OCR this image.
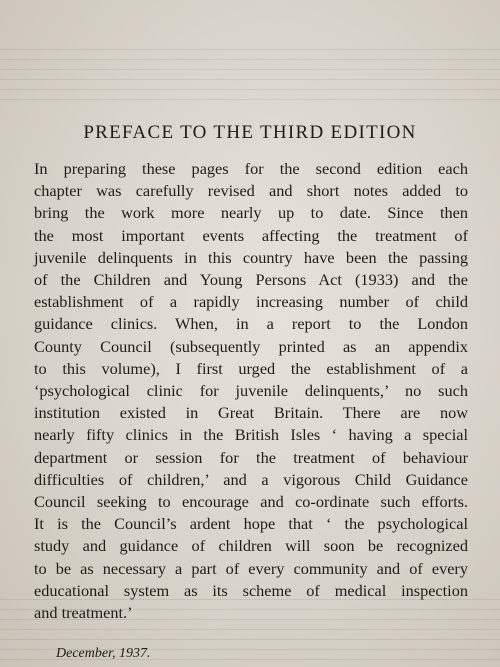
PREFACE TO THE THIRD EDITION
In preparing these pages for the second edition each
chapter was carefully revised and short notes added to
bring the work more nearly up to date. Since then
the most important events affecting the treatment of
juvenile delinquents in this country have been the passing
of the Children and Young Persons Act (1933) and the
establishment of a rapidly increasing number of child
guidance clinics. When, in a report to the London
County Council (subsequently printed as an appendix
to this volume), I first urged the establishment of a
‘psychological clinic for juvenile delinquents,’ no such
institution existed in Great Britain. There are now
nearly fifty clinics in the British Isles ‘ having a special
department or session for the treatment of behaviour
difficulties of children,’ and a vigorous Child Guidance
Council seeking to encourage and co-ordinate such efforts.
It is the Council’s ardent hope that ‘ the psychological
study and guidance of children will soon be recognized
to be as necessary a part of every community and of every
educational system as its scheme of medical inspection
and treatment.’
December, 1937.
